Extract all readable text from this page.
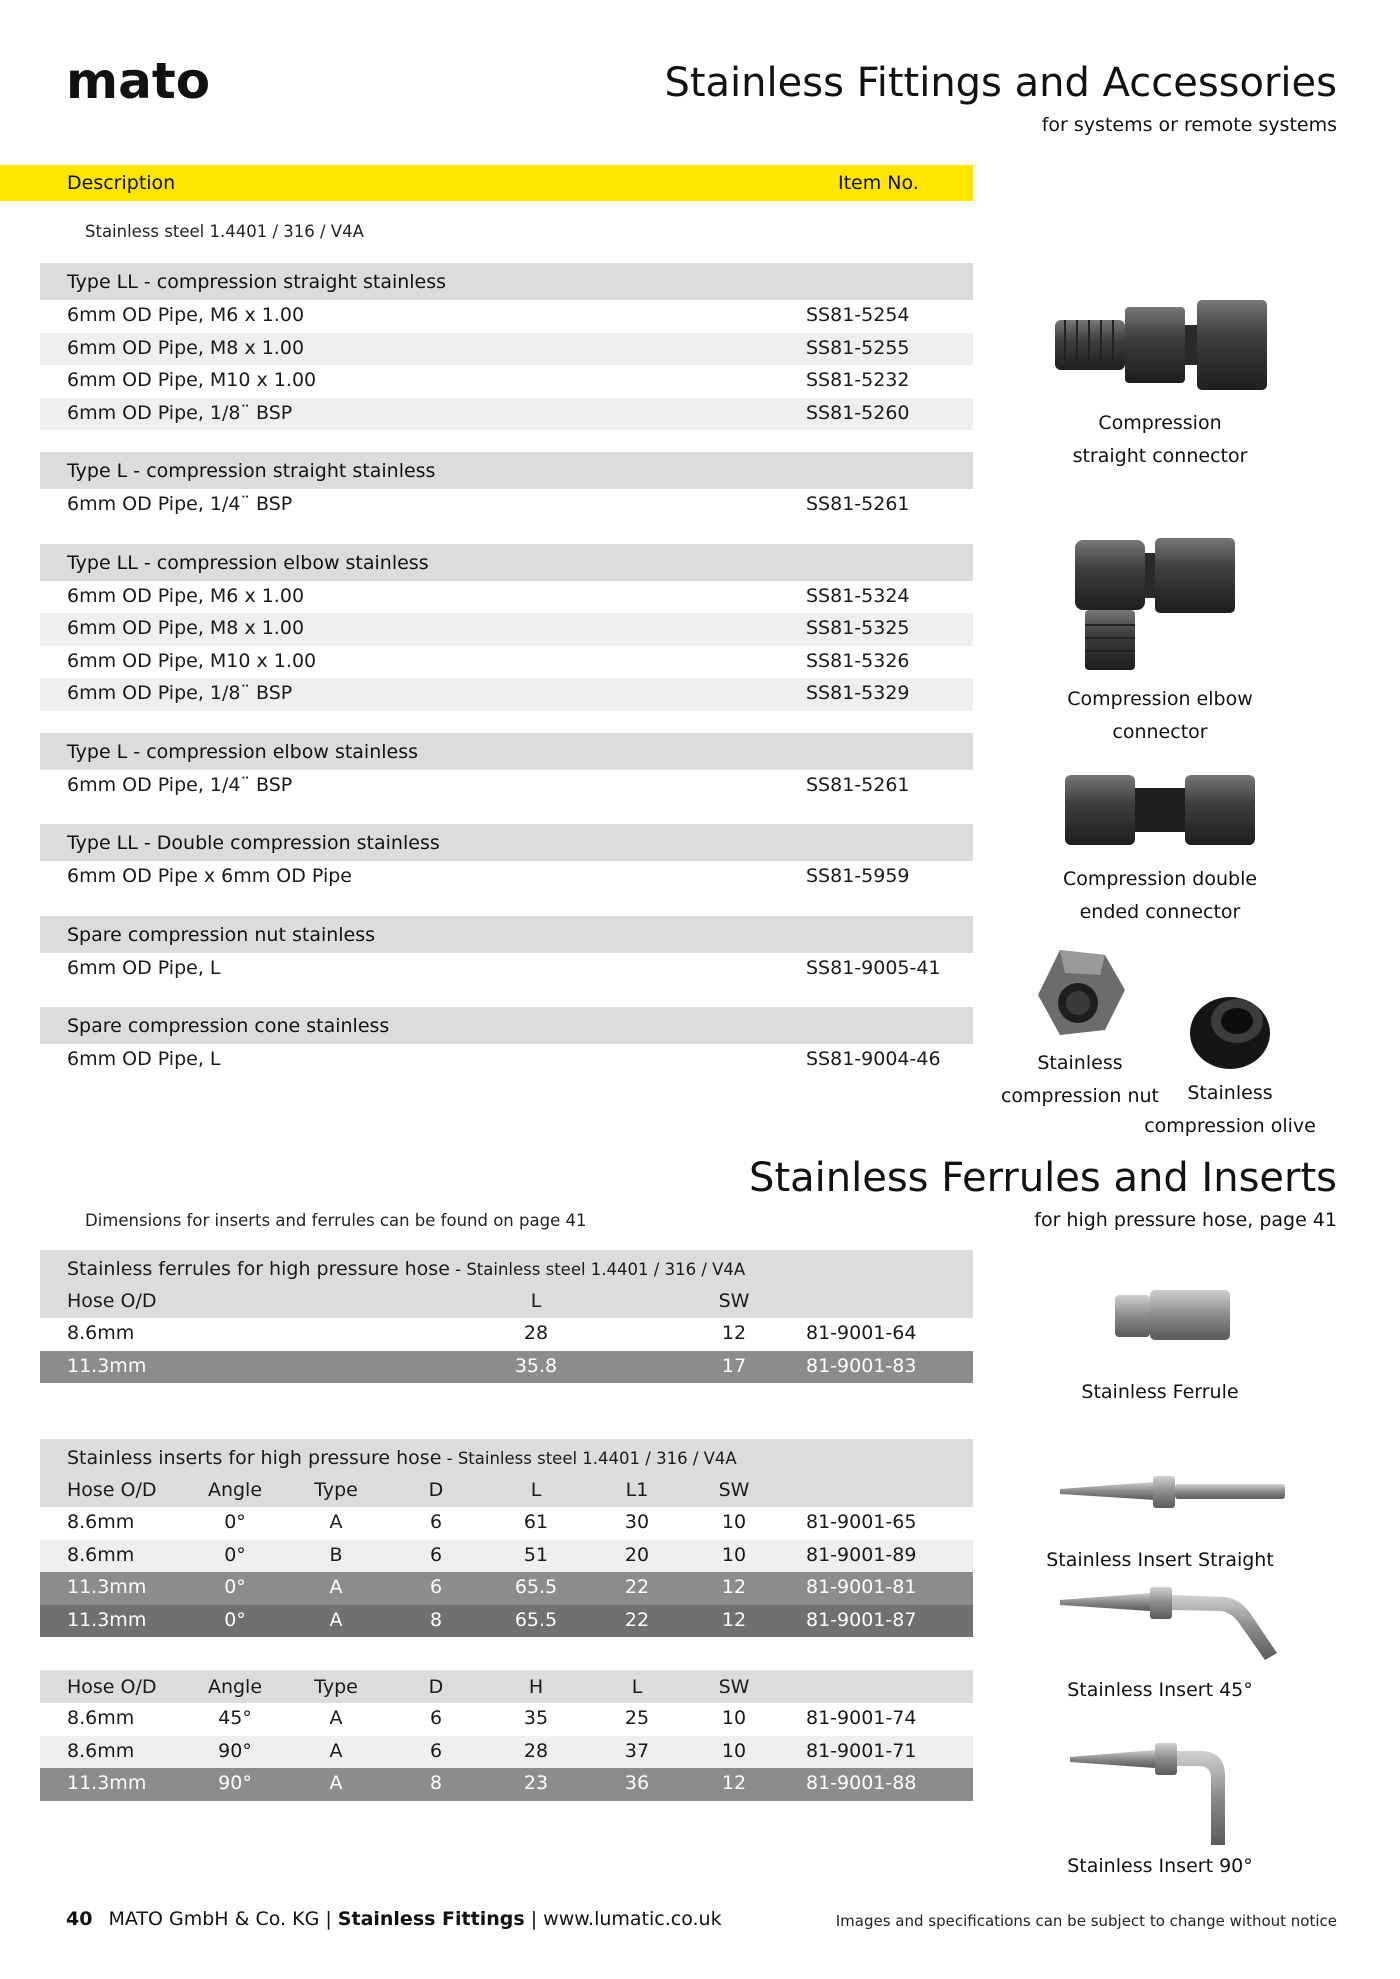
mato	Stainless Fittings and Accessories
for systems or remote systems
Description	Item No.
Stainless steel 1.4401 / 316 / V4A
Type LL - compression straight stainless
6mm OD Pipe, M6 x 1.00	SS81-5254
6mm OD Pipe, M8 x 1.00	SS81-5255
6mm OD Pipe, M10 x 1.00	SS81-5232
6mm OD Pipe, 1/8¨ BSP	SS81-5260
Type L - compression straight stainless
6mm OD Pipe, 1/4¨ BSP	SS81-5261
Type LL - compression elbow stainless
6mm OD Pipe, M6 x 1.00	SS81-5324
6mm OD Pipe, M8 x 1.00	SS81-5325
6mm OD Pipe, M10 x 1.00	SS81-5326
6mm OD Pipe, 1/8¨ BSP	SS81-5329
Type L - compression elbow stainless
6mm OD Pipe, 1/4¨ BSP	SS81-5261
Type LL - Double compression stainless
6mm OD Pipe x 6mm OD Pipe	SS81-5959
Spare compression nut stainless
6mm OD Pipe, L	SS81-9005-41
Spare compression cone stainless
6mm OD Pipe, L	SS81-9004-46
Compression
straight connector
Compression elbow
connector
Compression double
ended connector
Stainless
compression nut	Stainless
compression olive
Stainless Ferrules and Inserts
for high pressure hose, page 41
Dimensions for inserts and ferrules can be found on page 41
Stainless ferrules for high pressure hose - Stainless steel 1.4401 / 316 / V4A
Hose O/D	L	SW
8.6mm	28	12	81-9001-64
11.3mm	35.8	17	81-9001-83
Stainless inserts for high pressure hose - Stainless steel 1.4401 / 316 / V4A
Hose O/D	Angle	Type	D	L	L1	SW
8.6mm	0°	A	6	61	30	10	81-9001-65
8.6mm	0°	B	6	51	20	10	81-9001-89
11.3mm	0°	A	6	65.5	22	12	81-9001-81
11.3mm	0°	A	8	65.5	22	12	81-9001-87
Hose O/D	Angle	Type	D	H	L	SW
8.6mm	45°	A	6	35	25	10	81-9001-74
8.6mm	90°	A	6	28	37	10	81-9001-71
11.3mm	90°	A	8	23	36	12	81-9001-88
Stainless Ferrule
Stainless Insert Straight
Stainless Insert 45°
Stainless Insert 90°
40 MATO GmbH & Co. KG | Stainless Fittings | www.lumatic.co.uk	Images and specifications can be subject to change without notice
